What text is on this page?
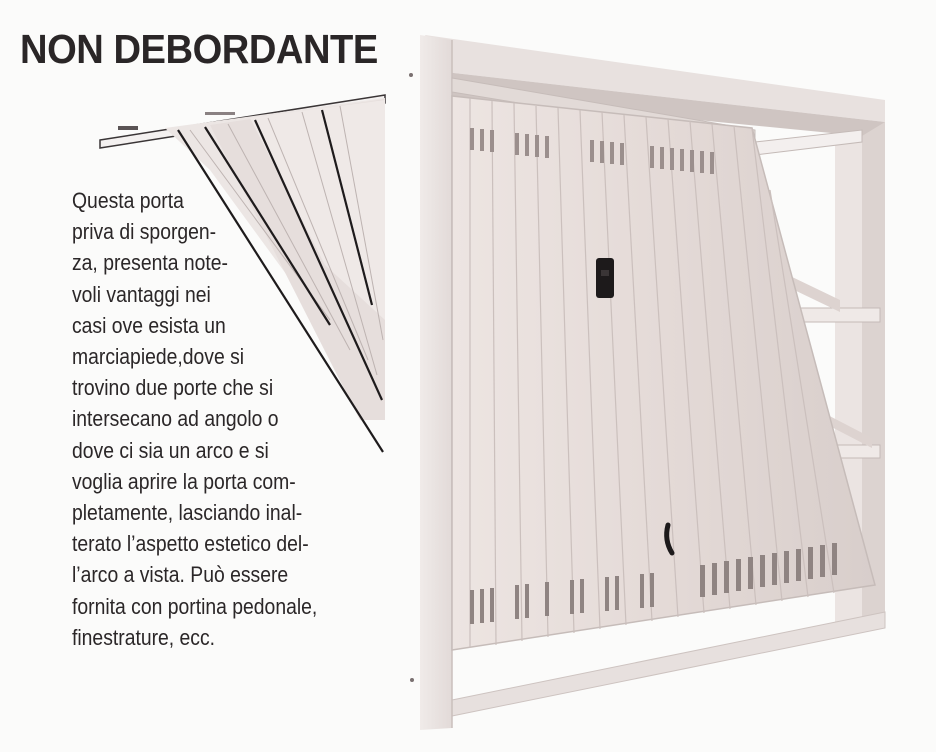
NON DEBORDANTE
Questa porta
priva di sporgen-
za, presenta note-
voli vantaggi nei
casi ove esista un
marciapiede,dove si
trovino due porte che si
intersecano ad angolo o
dove ci sia un arco e si
voglia aprire la porta com-
pletamente, lasciando inal-
terato l’aspetto estetico del-
l’arco a vista. Può essere
fornita con portina pedonale,
finestrature, ecc.
